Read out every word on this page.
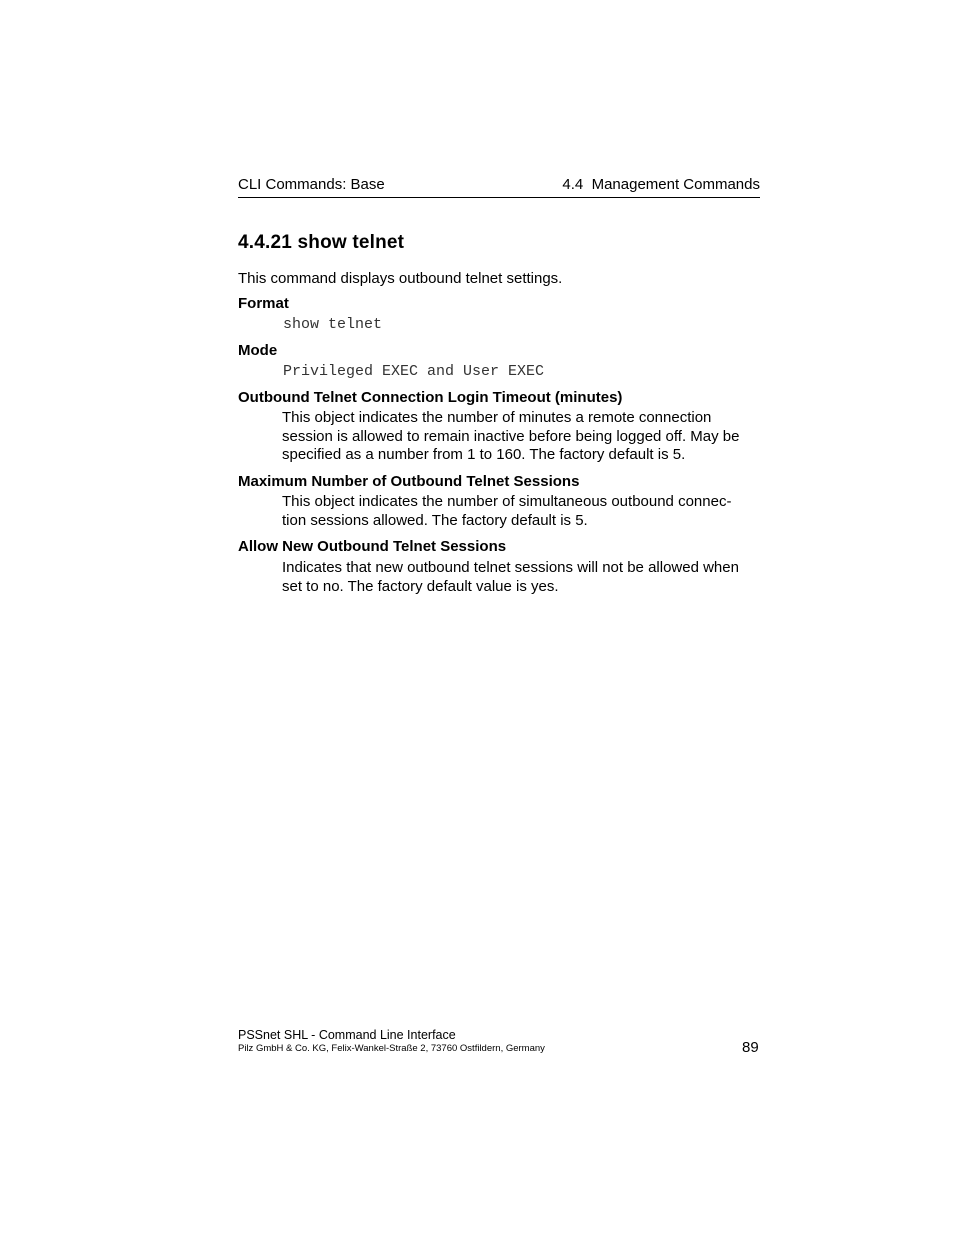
CLI Commands: Base	4.4  Management Commands
4.4.21 show telnet

This command displays outbound telnet settings.

Format

show telnet

Mode

Privileged EXEC and User EXEC

Outbound Telnet Connection Login Timeout (minutes)

This object indicates the number of minutes a remote connection
session is allowed to remain inactive before being logged off. May be
specified as a number from 1 to 160. The factory default is 5.

Maximum Number of Outbound Telnet Sessions

This object indicates the number of simultaneous outbound connec-
tion sessions allowed. The factory default is 5.

Allow New Outbound Telnet Sessions

Indicates that new outbound telnet sessions will not be allowed when
set to no. The factory default value is yes.
PSSnet SHL - Command Line Interface
Pilz GmbH & Co. KG, Felix-Wankel-Straße 2, 73760 Ostfildern, Germany	89
